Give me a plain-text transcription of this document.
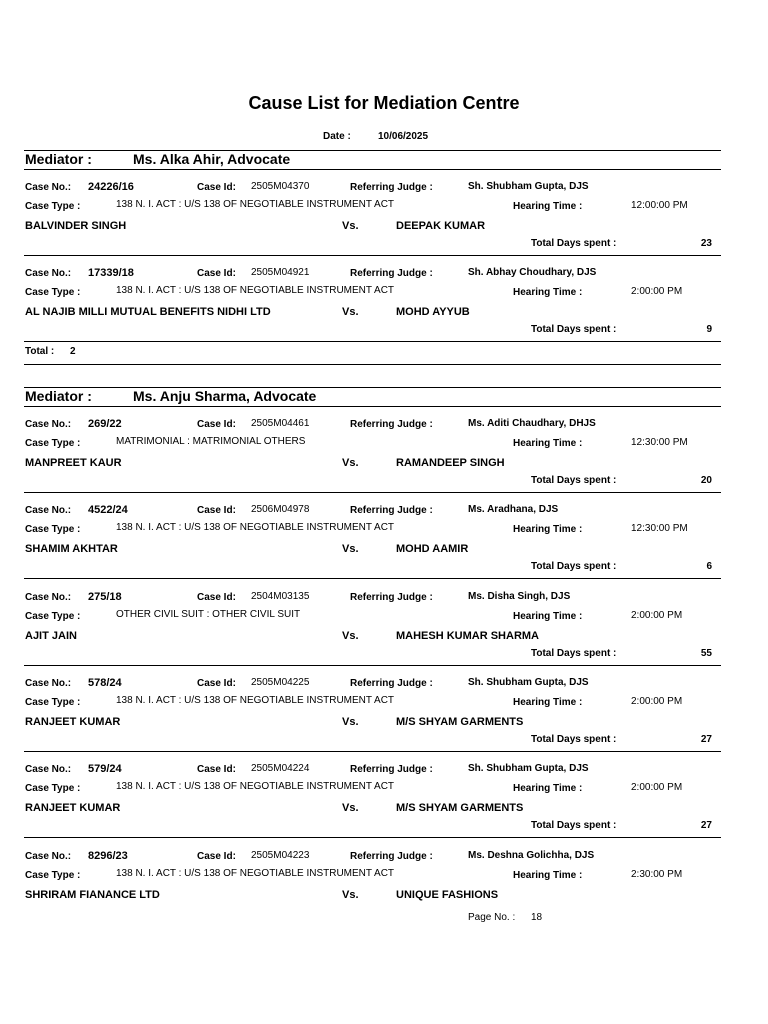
Cause List for Mediation Centre
Date :	10/06/2025
Mediator :	Ms. Alka Ahir, Advocate
Case No.: 24226/16	Case Id: 2505M04370	Referring Judge :	Sh. Shubham Gupta, DJS
Case Type :	138 N. I. ACT : U/S 138 OF NEGOTIABLE INSTRUMENT ACT	Hearing Time :	12:00:00 PM
BALVINDER SINGH	Vs.	DEEPAK KUMAR
Total Days spent :	23
Case No.: 17339/18	Case Id: 2505M04921	Referring Judge :	Sh. Abhay Choudhary, DJS
Case Type :	138 N. I. ACT : U/S 138 OF NEGOTIABLE INSTRUMENT ACT	Hearing Time :	2:00:00 PM
AL NAJIB MILLI MUTUAL BENEFITS NIDHI LTD	Vs.	MOHD AYYUB
Total Days spent :	9
Total : 2
Mediator :	Ms. Anju Sharma, Advocate
Case No.: 269/22	Case Id: 2505M04461	Referring Judge :	Ms. Aditi Chaudhary, DHJS
Case Type :	MATRIMONIAL : MATRIMONIAL OTHERS	Hearing Time :	12:30:00 PM
MANPREET KAUR	Vs.	RAMANDEEP SINGH
Total Days spent :	20
Case No.: 4522/24	Case Id: 2506M04978	Referring Judge :	Ms. Aradhana, DJS
Case Type :	138 N. I. ACT : U/S 138 OF NEGOTIABLE INSTRUMENT ACT	Hearing Time :	12:30:00 PM
SHAMIM AKHTAR	Vs.	MOHD AAMIR
Total Days spent :	6
Case No.: 275/18	Case Id: 2504M03135	Referring Judge :	Ms. Disha Singh, DJS
Case Type :	OTHER CIVIL SUIT : OTHER CIVIL SUIT	Hearing Time :	2:00:00 PM
AJIT JAIN	Vs.	MAHESH KUMAR SHARMA
Total Days spent :	55
Case No.: 578/24	Case Id: 2505M04225	Referring Judge :	Sh. Shubham Gupta, DJS
Case Type :	138 N. I. ACT : U/S 138 OF NEGOTIABLE INSTRUMENT ACT	Hearing Time :	2:00:00 PM
RANJEET KUMAR	Vs.	M/S SHYAM GARMENTS
Total Days spent :	27
Case No.: 579/24	Case Id: 2505M04224	Referring Judge :	Sh. Shubham Gupta, DJS
Case Type :	138 N. I. ACT : U/S 138 OF NEGOTIABLE INSTRUMENT ACT	Hearing Time :	2:00:00 PM
RANJEET KUMAR	Vs.	M/S SHYAM GARMENTS
Total Days spent :	27
Case No.: 8296/23	Case Id: 2505M04223	Referring Judge :	Ms. Deshna Golichha, DJS
Case Type :	138 N. I. ACT : U/S 138 OF NEGOTIABLE INSTRUMENT ACT	Hearing Time :	2:30:00 PM
SHRIRAM FIANANCE LTD	Vs.	UNIQUE FASHIONS
Page No. : 18
